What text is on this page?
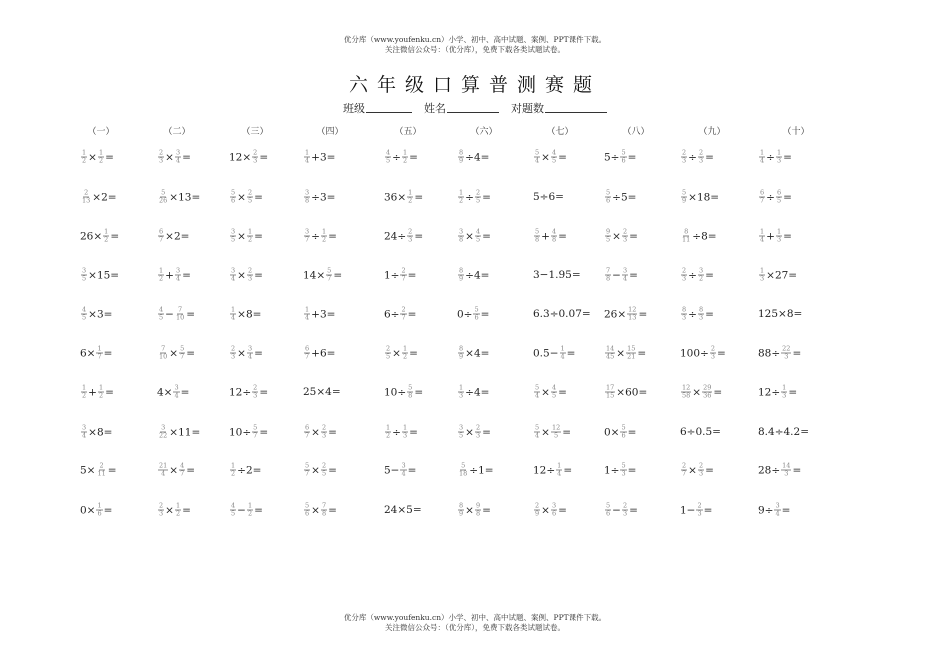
优分库（www.youfenku.cn）小学、初中、高中试题、案例、PPT课件下载。
关注微信公众号：（优分库），免费下载各类试题试卷。
六年级口算普测赛题
班级	姓名	对题数
（一）
$\frac{1}{2} \times \frac{1}{2}$ =
$\frac{2}{13} \times 2=$
$26\times \frac{1}{2}$ =
$\frac{3}{5} \times 15=$
$\frac{4}{5} \times 3=$
$6\times \frac{1}{7}$ =
$\frac{1}{2} + \frac{1}{2}$ =
$\frac{3}{4} \times 8=$
$5\times \frac{2}{11}$ =
$0\times \frac{1}{6}$ =
（二）
$\frac{2}{3} \times \frac{3}{4}$ =
$\frac{5}{26} \times 13=$
$\frac{6}{7} \times 2=$
$\frac{1}{2} + \frac{3}{4}$ =
$\frac{4}{5} - \frac{7}{10}$ =
$\frac{7}{10} \times \frac{5}{7}$ =
$4\times \frac{3}{4}$ =
$\frac{3}{22} \times 11=$
$\frac{21}{4} \times \frac{4}{7}$ =
$\frac{2}{3} \times \frac{1}{2}$ =
（三）
$12\times \frac{2}{3}$ =
$\frac{5}{6} \times \frac{2}{5}$ =
$\frac{3}{5} \times \frac{1}{2}$ =
$\frac{3}{4} \times \frac{2}{3}$ =
$\frac{1}{4} \times 8=$
$\frac{2}{3} \times \frac{3}{4}$ =
$12\div \frac{2}{3}$ =
$10\div \frac{5}{7}$ =
$\frac{1}{2} \div 2=$
$\frac{4}{5} - \frac{1}{2}$ =
（四）
$\frac{1}{4} +3=$
$\frac{3}{8} \div 3=$
$\frac{3}{7} \div \frac{1}{2}$ =
$14\times \frac{5}{7}$ =
$\frac{1}{4} +3=$
$\frac{6}{7} +6=$
25×4=
$\frac{6}{7} \times \frac{2}{3}$ =
$\frac{5}{7} \times \frac{2}{5}$ =
$\frac{5}{6} \times \frac{7}{8}$ =
（五）
$\frac{4}{5} \div \frac{1}{2}$ =
$36\times \frac{1}{2}$ =
$24\div \frac{2}{3}$ =
$1\div \frac{2}{7}$ =
$6\div \frac{2}{7}$ =
$\frac{2}{5} \times \frac{1}{2}$ =
$10\div \frac{5}{8}$ =
$\frac{1}{2} \div \frac{1}{3}$ =
$5- \frac{3}{4}$ =
24×5=
（六）
$\frac{8}{9} \div 4=$
$\frac{1}{2} \div \frac{2}{5}$ =
$\frac{3}{8} \times \frac{4}{5}$ =
$\frac{8}{9} \div 4=$
$0\div \frac{5}{6}$ =
$\frac{8}{9} \times 4=$
$\frac{1}{3} \div 4=$
$\frac{3}{5} \times \frac{2}{3}$ =
$\frac{5}{18} \div 1=$
$\frac{8}{9} \times \frac{9}{8}$ =
（七）
$\frac{5}{4} \times \frac{4}{5}$ =
5÷6=
$\frac{5}{8} + \frac{4}{8}$ =
3−1.95=
6.3÷0.07=
$0.5- \frac{1}{4}$ =
$\frac{5}{4} \times \frac{4}{5}$ =
$\frac{5}{4} \times \frac{12}{5}$ =
$12\div \frac{1}{4}$ =
$\frac{2}{9} \times \frac{3}{6}$ =
（八）
$5\div \frac{5}{6}$ =
$\frac{5}{6} \div 5=$
$\frac{9}{5} \times \frac{2}{3}$ =
$\frac{7}{8} - \frac{3}{4}$ =
$26\times \frac{12}{13}$ =
$\frac{14}{45} \times \frac{15}{21}$ =
$\frac{17}{15} \times 60=$
$0\times \frac{5}{6}$ =
$1\div \frac{5}{3}$ =
$\frac{5}{6} - \frac{2}{3}$ =
（九）
$\frac{2}{3} \div \frac{2}{3}$ =
$\frac{5}{9} \times 18=$
$\frac{8}{11} \div 8=$
$\frac{2}{3} \div \frac{3}{2}$ =
$\frac{8}{3} \div \frac{8}{3}$ =
$100\div \frac{2}{3}$ =
$\frac{12}{58} \times \frac{29}{36}$ =
6÷0.5=
$\frac{2}{7} \times \frac{2}{3}$ =
$1- \frac{2}{3}$ =
（十）
$\frac{1}{4} \div \frac{1}{3}$ =
$\frac{6}{7} \div \frac{6}{5}$ =
$\frac{1}{4} + \frac{1}{3}$ =
$\frac{1}{3} \times 27=$
125×8=
$88\div \frac{22}{3}$ =
$12\div \frac{1}{3}$ =
8.4÷4.2=
$28\div \frac{14}{3}$ =
$9\div \frac{3}{4}$ =
优分库（www.youfenku.cn）小学、初中、高中试题、案例、PPT课件下载。
关注微信公众号：（优分库），免费下载各类试题试卷。
